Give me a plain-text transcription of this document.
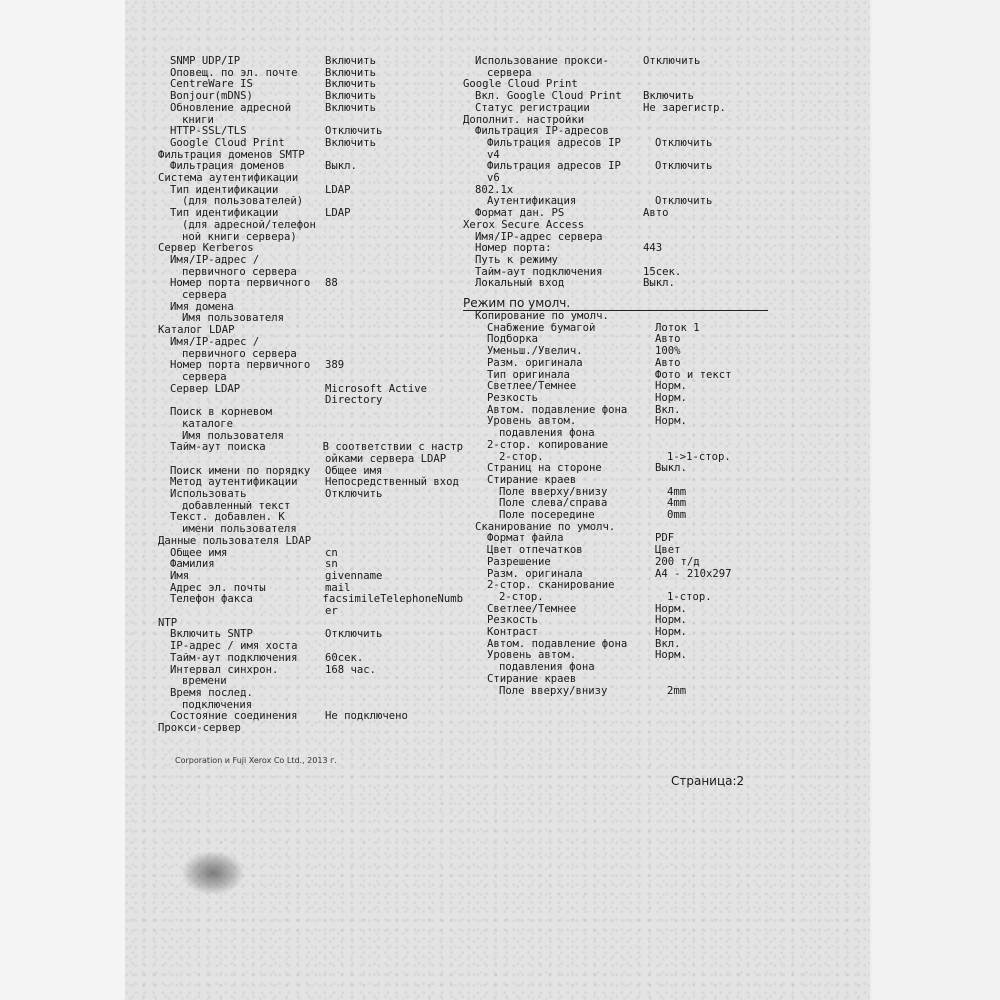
SNMP UDP/IP	Включить
Оповещ. по эл. почте	Включить
CentreWare IS	Включить
Bonjour(mDNS)	Включить
Обновление адресной	Включить
книги
HTTP-SSL/TLS	Отключить
Google Cloud Print	Включить
Фильтрация доменов SMTP
Фильтрация доменов	Выкл.
Система аутентификации
Тип идентификации	LDAP
(для пользователей)
Тип идентификации	LDAP
(для адресной/телефон
ной книги сервера)
Сервер Kerberos
Имя/IP-адрес /
первичного сервера
Номер порта первичного	88
сервера
Имя домена
Имя пользователя
Каталог LDAP
Имя/IP-адрес /
первичного сервера
Номер порта первичного	389
сервера
Сервер LDAP	Microsoft Active
Directory
Поиск в корневом
каталоге
Имя пользователя
Тайм-аут поиска	В соответствии с настр
ойками сервера LDAP
Поиск имени по порядку	Общее имя
Метод аутентификации	Непосредственный вход
Использовать	Отключить
добавленный текст
Текст. добавлен. К
имени пользователя
Данные пользователя LDAP
Общее имя	cn
Фамилия	sn
Имя	givenname
Адрес эл. почты	mail
Телефон факса	facsimileTelephoneNumb
er
NTP
Включить SNTP	Отключить
IP-адрес / имя хоста
Тайм-аут подключения	60сек.
Интервал синхрон.	168 час.
времени
Время послед.
подключения
Состояние соединения	Не подключено
Прокси-сервер
Использование прокси-	Отключить
сервера
Google Cloud Print
Вкл. Google Cloud Print	Включить
Статус регистрации	Не зарегистр.
Дополнит. настройки
Фильтрация IP-адресов
Фильтрация адресов IP	Отключить
v4
Фильтрация адресов IP	Отключить
v6
802.1x
Аутентификация	Отключить
Формат дан. PS	Авто
Xerox Secure Access
Имя/IP-адрес сервера
Номер порта:	443
Путь к режиму
Тайм-аут подключения	15сек.
Локальный вход	Выкл.
Режим по умолч.
Копирование по умолч.
Снабжение бумагой	Лоток 1
Подборка	Авто
Уменьш./Увелич.	100%
Разм. оригинала	Авто
Тип оригинала	Фото и текст
Светлее/Темнее	Норм.
Резкость	Норм.
Автом. подавление фона	Вкл.
Уровень автом.	Норм.
подавления фона
2-стор. копирование
2-стор.	1->1-стор.
Страниц на стороне	Выкл.
Стирание краев
Поле вверху/внизу	4mm
Поле слева/справа	4mm
Поле посередине	0mm
Сканирование по умолч.
Формат файла	PDF
Цвет отпечатков	Цвет
Разрешение	200 т/д
Разм. оригинала	A4 - 210x297
2-стор. сканирование
2-стор.	1-стор.
Светлее/Темнее	Норм.
Резкость	Норм.
Контраст	Норм.
Автом. подавление фона	Вкл.
Уровень автом.	Норм.
подавления фона
Стирание краев
Поле вверху/внизу	2mm
Corporation и Fuji Xerox Co Ltd., 2013 г.
Страница:2
